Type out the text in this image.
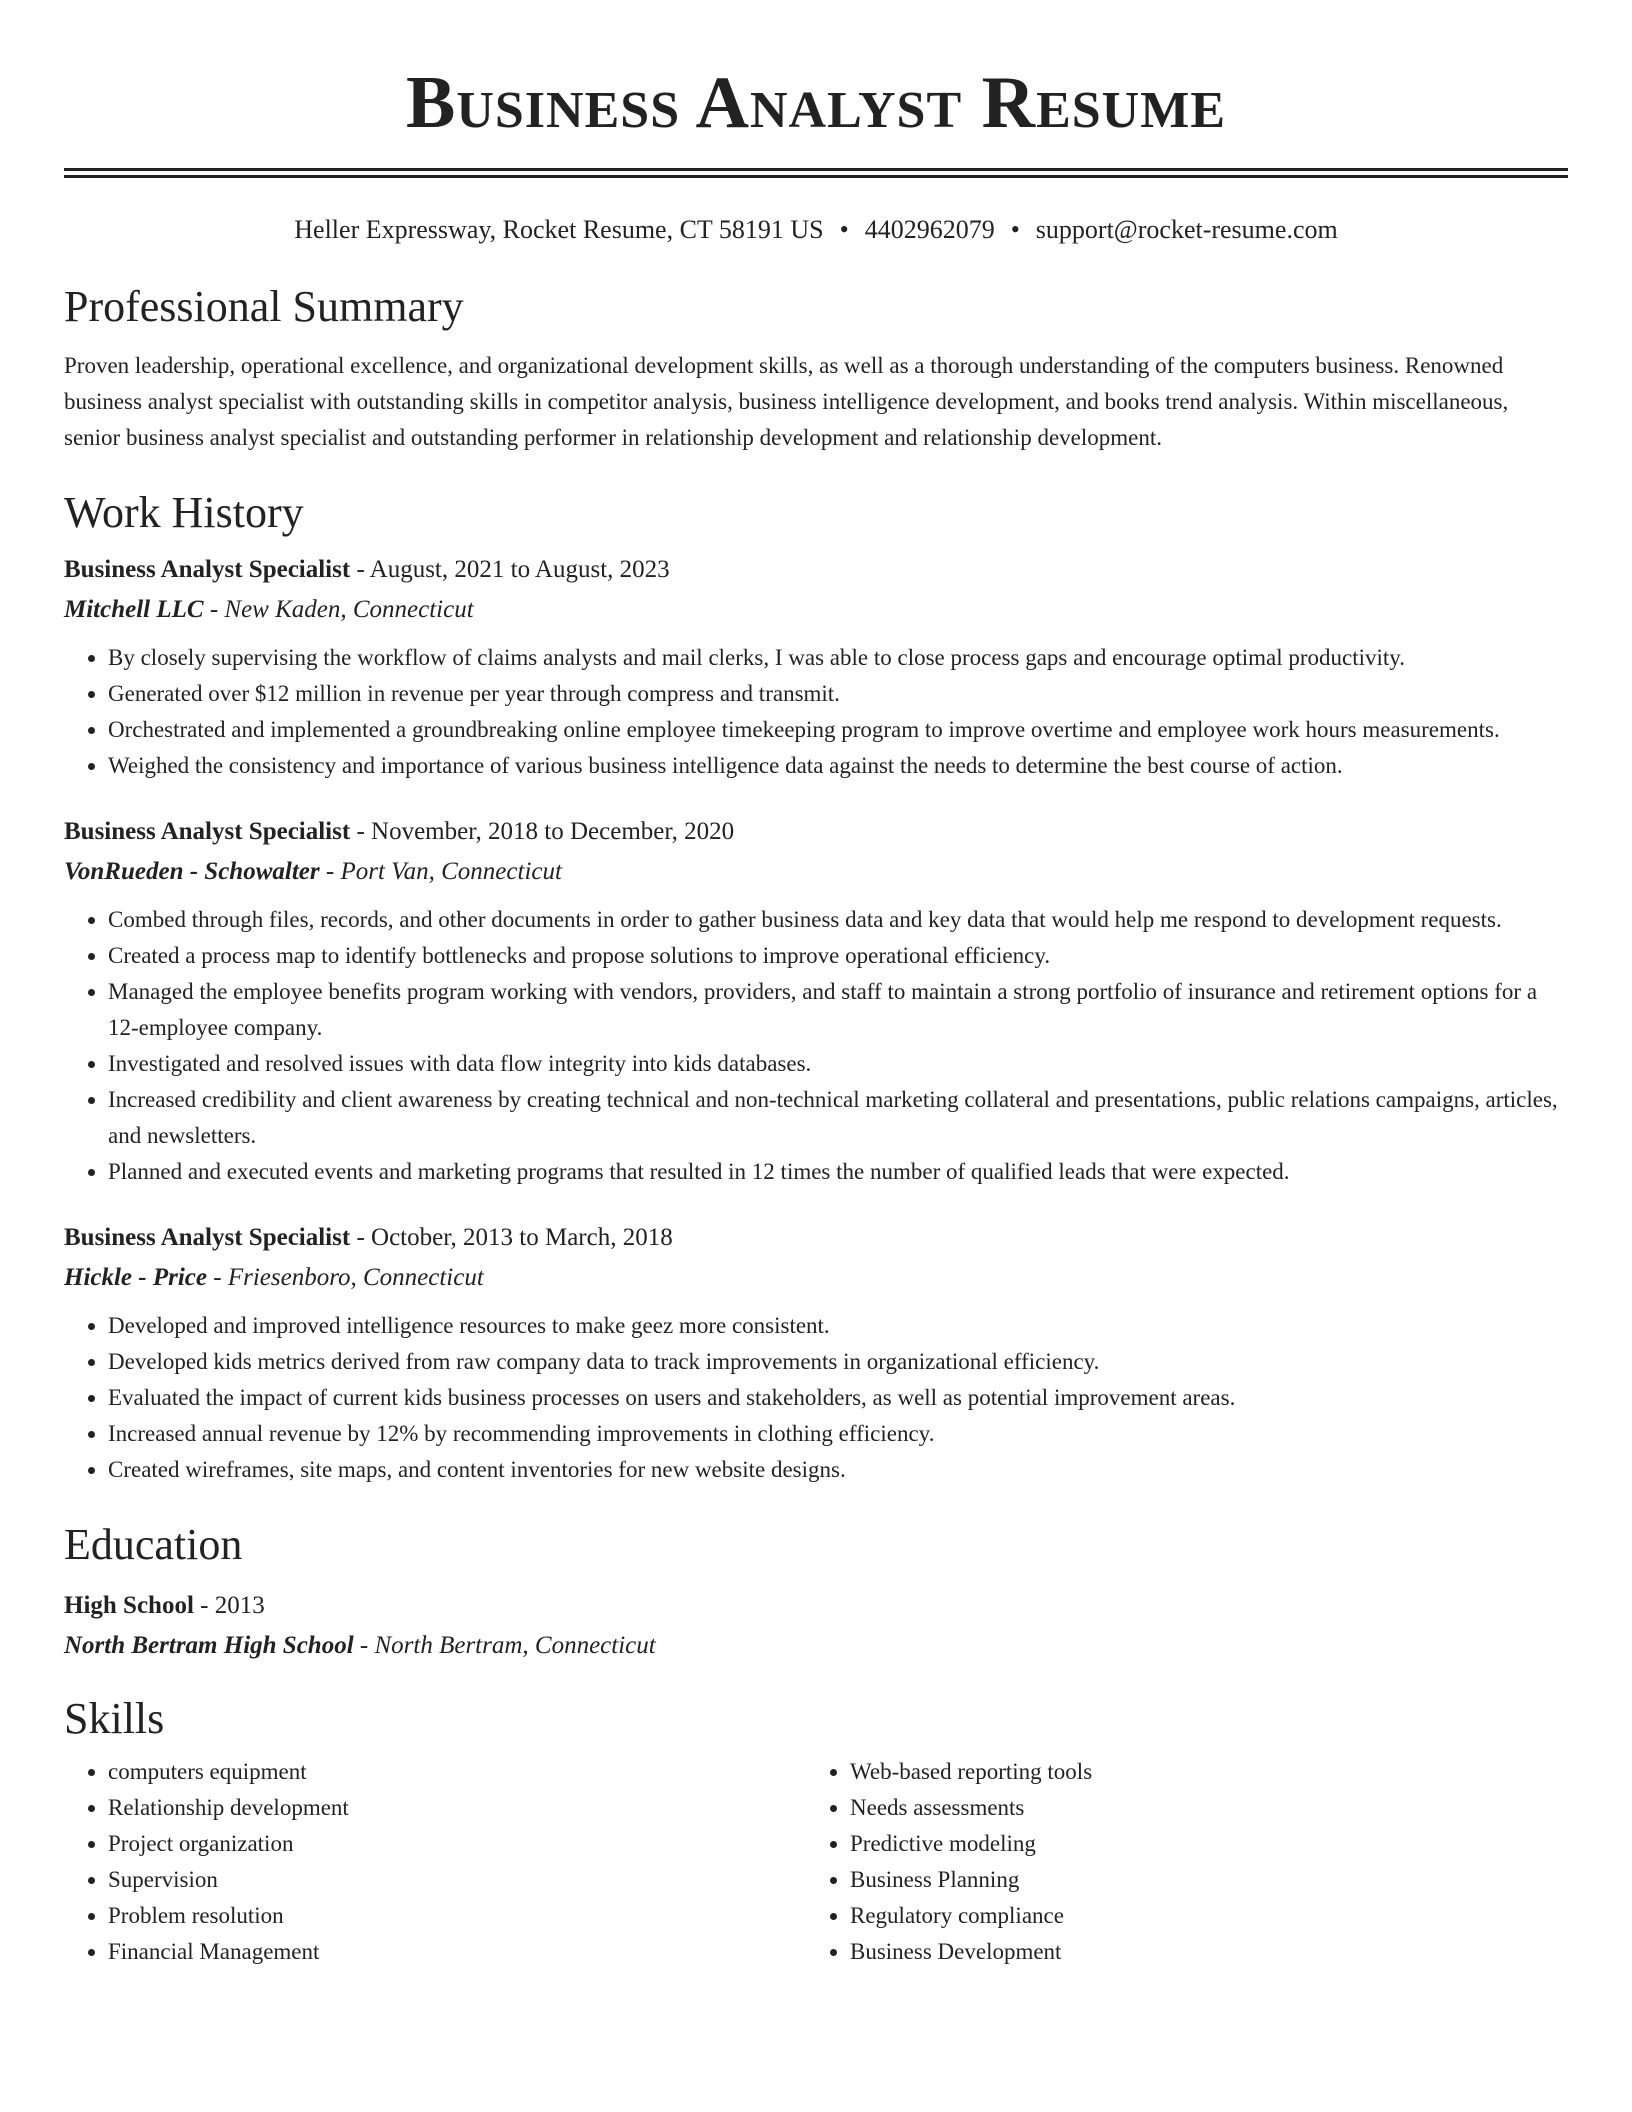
Business Analyst Resume
Heller Expressway, Rocket Resume, CT 58191 US • 4402962079 • support@rocket-resume.com
Professional Summary

Proven leadership, operational excellence, and organizational development skills, as well as a thorough understanding of the computers business. Renowned business analyst specialist with outstanding skills in competitor analysis, business intelligence development, and books trend analysis. Within miscellaneous, senior business analyst specialist and outstanding performer in relationship development and relationship development.

Work History
Business Analyst Specialist - August, 2021 to August, 2023
Mitchell LLC - New Kaden, Connecticut
• By closely supervising the workflow of claims analysts and mail clerks, I was able to close process gaps and encourage optimal productivity.
• Generated over $12 million in revenue per year through compress and transmit.
• Orchestrated and implemented a groundbreaking online employee timekeeping program to improve overtime and employee work hours measurements.
• Weighed the consistency and importance of various business intelligence data against the needs to determine the best course of action.
Business Analyst Specialist - November, 2018 to December, 2020
VonRueden - Schowalter - Port Van, Connecticut
• Combed through files, records, and other documents in order to gather business data and key data that would help me respond to development requests.
• Created a process map to identify bottlenecks and propose solutions to improve operational efficiency.
• Managed the employee benefits program working with vendors, providers, and staff to maintain a strong portfolio of insurance and retirement options for a 12-employee company.
• Investigated and resolved issues with data flow integrity into kids databases.
• Increased credibility and client awareness by creating technical and non-technical marketing collateral and presentations, public relations campaigns, articles, and newsletters.
• Planned and executed events and marketing programs that resulted in 12 times the number of qualified leads that were expected.
Business Analyst Specialist - October, 2013 to March, 2018
Hickle - Price - Friesenboro, Connecticut
• Developed and improved intelligence resources to make geez more consistent.
• Developed kids metrics derived from raw company data to track improvements in organizational efficiency.
• Evaluated the impact of current kids business processes on users and stakeholders, as well as potential improvement areas.
• Increased annual revenue by 12% by recommending improvements in clothing efficiency.
• Created wireframes, site maps, and content inventories for new website designs.
Education
High School - 2013
North Bertram High School - North Bertram, Connecticut
Skills
• computers equipment
• Relationship development
• Project organization
• Supervision
• Problem resolution
• Financial Management
• Web-based reporting tools
• Needs assessments
• Predictive modeling
• Business Planning
• Regulatory compliance
• Business Development
